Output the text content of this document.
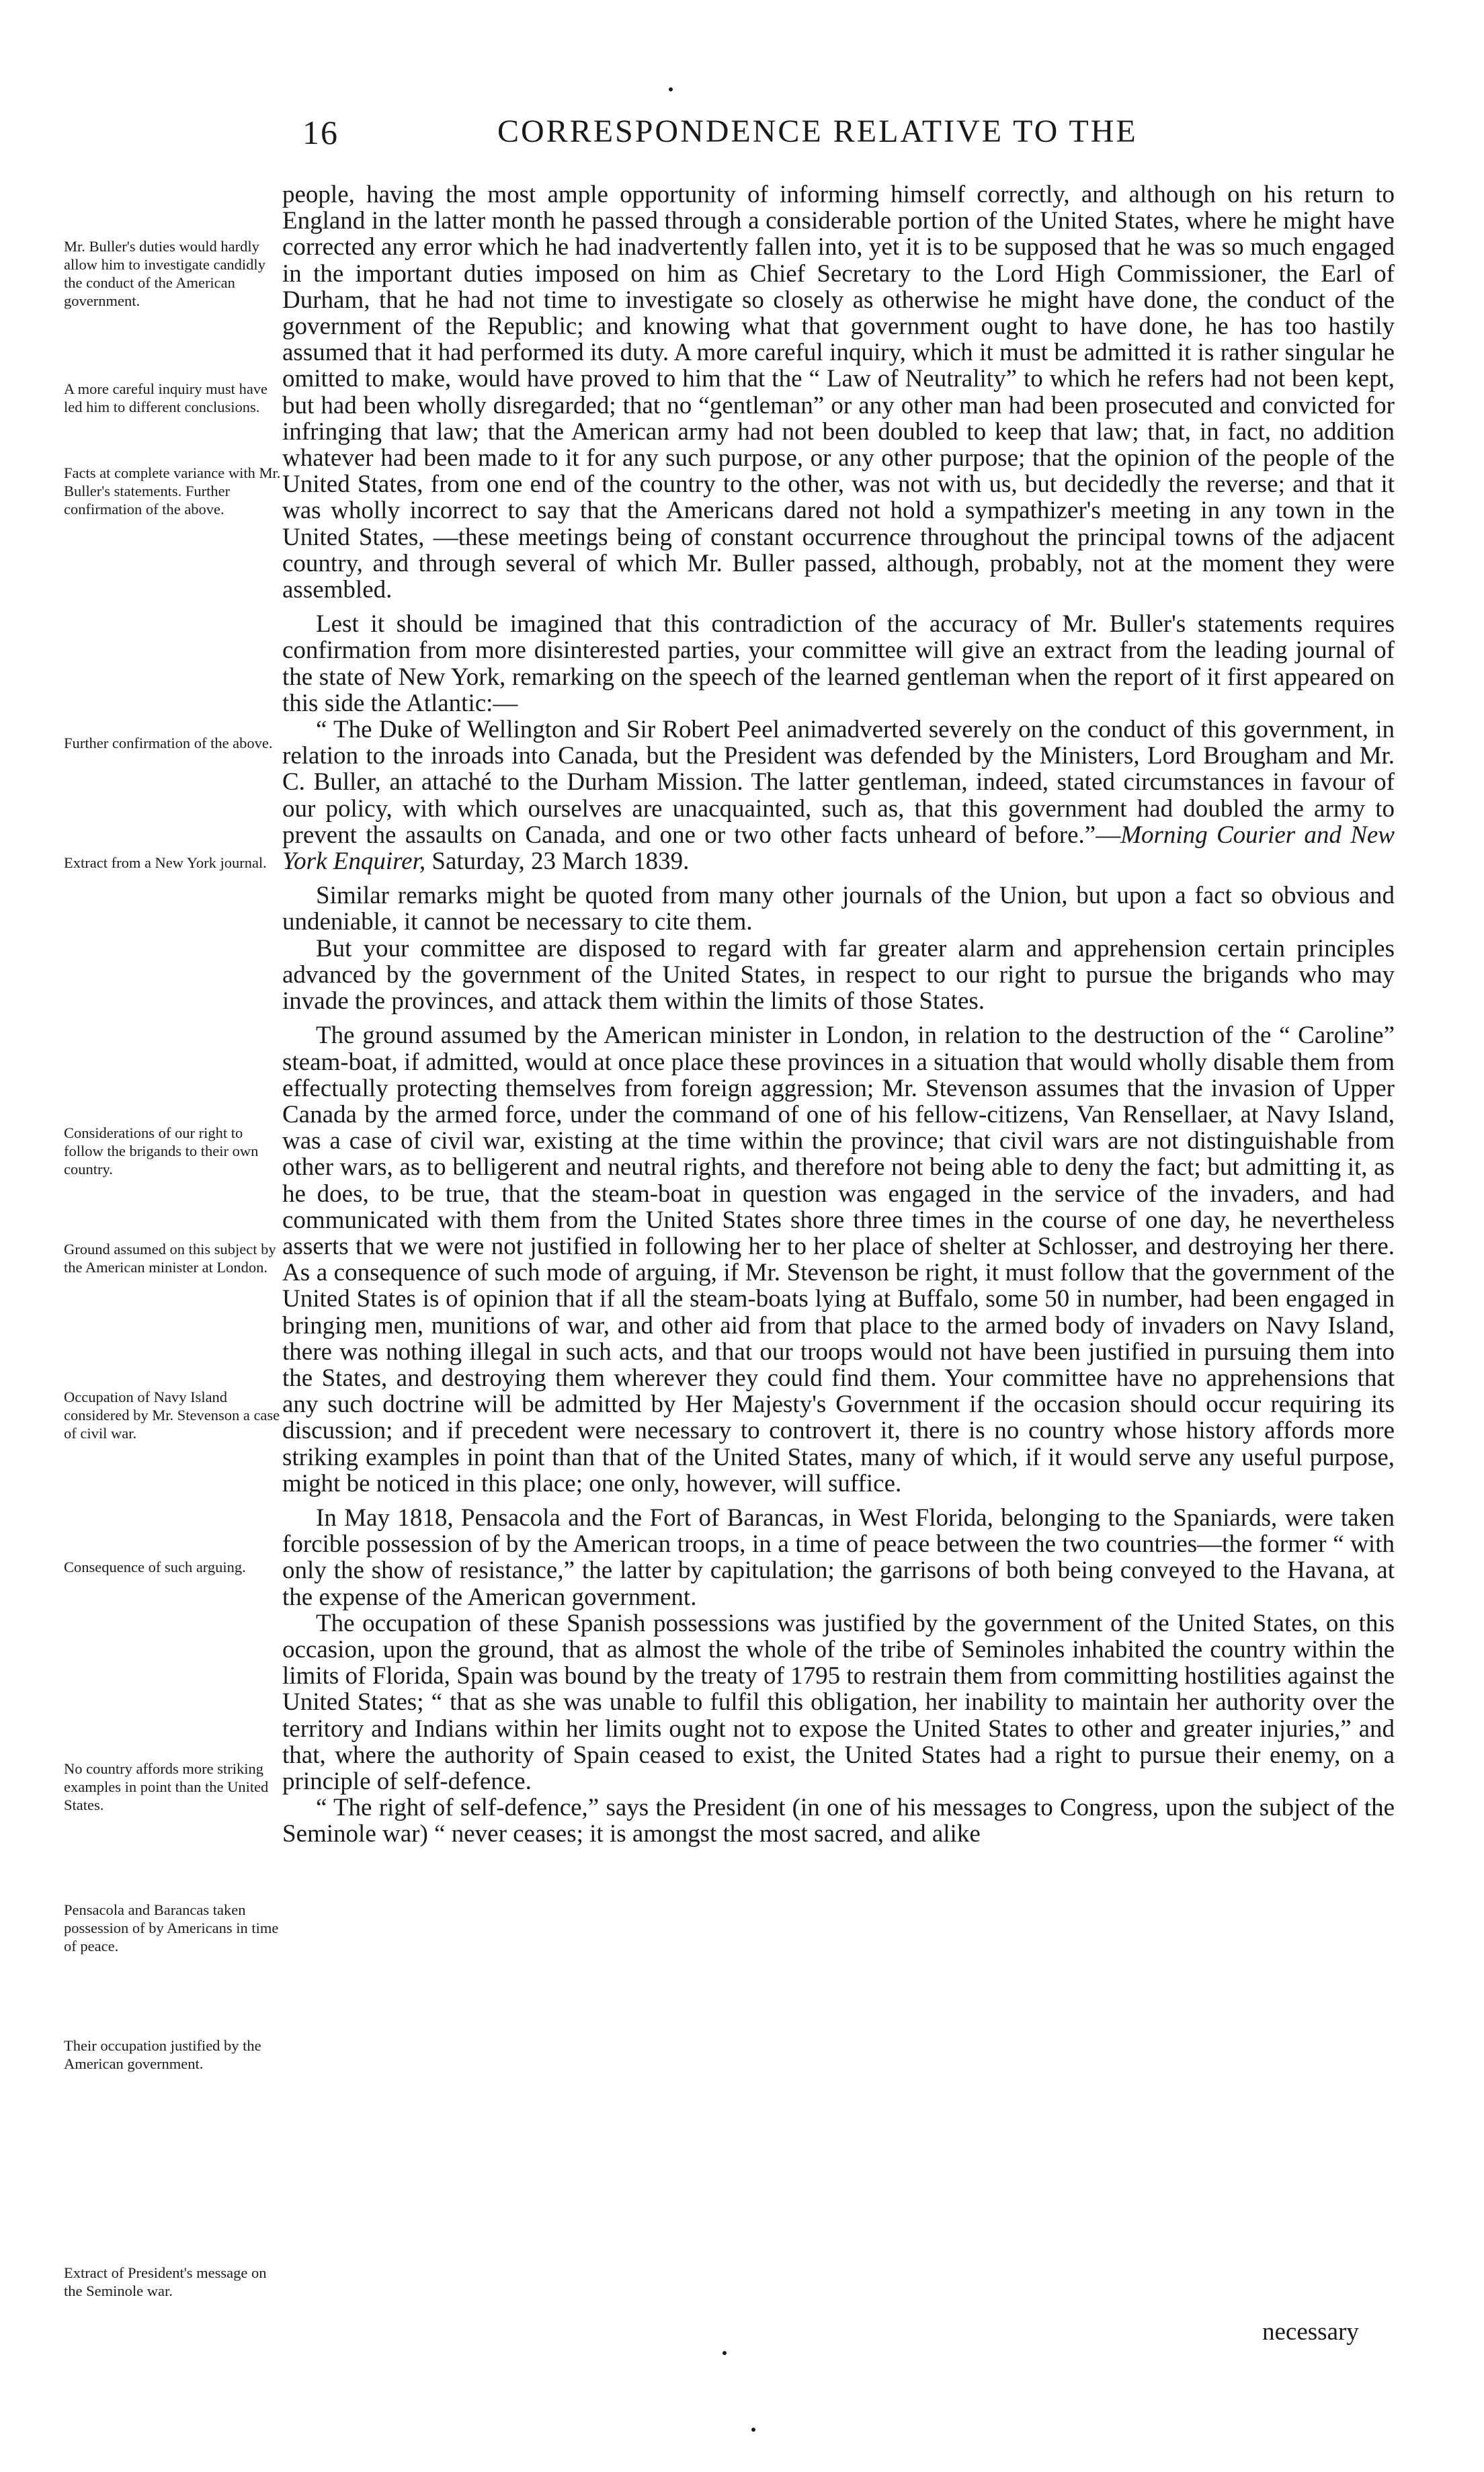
16	CORRESPONDENCE RELATIVE TO THE
Mr. Buller's duties would hardly allow him to investigate candidly the conduct of the American government.
A more careful inquiry must have led him to different conclusions.
Facts at complete variance with Mr. Buller's statements. Further confirmation of the above.
Further confirmation of the above.
Extract from a New York journal.
Considerations of our right to follow the brigands to their own country.
Ground assumed on this subject by the American minister at London.
Occupation of Navy Island considered by Mr. Stevenson a case of civil war.
Consequence of such arguing.
No country affords more striking examples in point than the United States.
Pensacola and Barancas taken possession of by Americans in time of peace.
Their occupation justified by the American government.
Extract of President's message on the Seminole war.

people, having the most ample opportunity of informing himself correctly, and although on his return to England in the latter month he passed through a considerable portion of the United States, where he might have corrected any error which he had inadvertently fallen into, yet it is to be supposed that he was so much engaged in the important duties imposed on him as Chief Secretary to the Lord High Commissioner, the Earl of Durham, that he had not time to investigate so closely as otherwise he might have done, the conduct of the government of the Republic; and knowing what that government ought to have done, he has too hastily assumed that it had performed its duty. A more careful inquiry, which it must be admitted it is rather singular he omitted to make, would have proved to him that the “ Law of Neutrality” to which he refers had not been kept, but had been wholly disregarded; that no “gentleman” or any other man had been prosecuted and convicted for infringing that law; that the American army had not been doubled to keep that law; that, in fact, no addition whatever had been made to it for any such purpose, or any other purpose; that the opinion of the people of the United States, from one end of the country to the other, was not with us, but decidedly the reverse; and that it was wholly incorrect to say that the Americans dared not hold a sympathizer's meeting in any town in the United States, —these meetings being of constant occurrence throughout the principal towns of the adjacent country, and through several of which Mr. Buller passed, although, probably, not at the moment they were assembled.

Lest it should be imagined that this contradiction of the accuracy of Mr. Buller's statements requires confirmation from more disinterested parties, your committee will give an extract from the leading journal of the state of New York, remarking on the speech of the learned gentleman when the report of it first appeared on this side the Atlantic:—

“ The Duke of Wellington and Sir Robert Peel animadverted severely on the conduct of this government, in relation to the inroads into Canada, but the President was defended by the Ministers, Lord Brougham and Mr. C. Buller, an attaché to the Durham Mission. The latter gentleman, indeed, stated circumstances in favour of our policy, with which ourselves are unacquainted, such as, that this government had doubled the army to prevent the assaults on Canada, and one or two other facts unheard of before.”—Morning Courier and New York Enquirer, Saturday, 23 March 1839.

Similar remarks might be quoted from many other journals of the Union, but upon a fact so obvious and undeniable, it cannot be necessary to cite them.

But your committee are disposed to regard with far greater alarm and apprehension certain principles advanced by the government of the United States, in respect to our right to pursue the brigands who may invade the provinces, and attack them within the limits of those States.

The ground assumed by the American minister in London, in relation to the destruction of the “ Caroline” steam-boat, if admitted, would at once place these provinces in a situation that would wholly disable them from effectually protecting themselves from foreign aggression; Mr. Stevenson assumes that the invasion of Upper Canada by the armed force, under the command of one of his fellow-citizens, Van Rensellaer, at Navy Island, was a case of civil war, existing at the time within the province; that civil wars are not distinguishable from other wars, as to belligerent and neutral rights, and therefore not being able to deny the fact; but admitting it, as he does, to be true, that the steam-boat in question was engaged in the service of the invaders, and had communicated with them from the United States shore three times in the course of one day, he nevertheless asserts that we were not justified in following her to her place of shelter at Schlosser, and destroying her there. As a consequence of such mode of arguing, if Mr. Stevenson be right, it must follow that the government of the United States is of opinion that if all the steam-boats lying at Buffalo, some 50 in number, had been engaged in bringing men, munitions of war, and other aid from that place to the armed body of invaders on Navy Island, there was nothing illegal in such acts, and that our troops would not have been justified in pursuing them into the States, and destroying them wherever they could find them. Your committee have no apprehensions that any such doctrine will be admitted by Her Majesty's Government if the occasion should occur requiring its discussion; and if precedent were necessary to controvert it, there is no country whose history affords more striking examples in point than that of the United States, many of which, if it would serve any useful purpose, might be noticed in this place; one only, however, will suffice.

In May 1818, Pensacola and the Fort of Barancas, in West Florida, belonging to the Spaniards, were taken forcible possession of by the American troops, in a time of peace between the two countries—the former “ with only the show of resistance,” the latter by capitulation; the garrisons of both being conveyed to the Havana, at the expense of the American government.

The occupation of these Spanish possessions was justified by the government of the United States, on this occasion, upon the ground, that as almost the whole of the tribe of Seminoles inhabited the country within the limits of Florida, Spain was bound by the treaty of 1795 to restrain them from committing hostilities against the United States; “ that as she was unable to fulfil this obligation, her inability to maintain her authority over the territory and Indians within her limits ought not to expose the United States to other and greater injuries,” and that, where the authority of Spain ceased to exist, the United States had a right to pursue their enemy, on a principle of self-defence.

“ The right of self-defence,” says the President (in one of his messages to Congress, upon the subject of the Seminole war) “ never ceases; it is amongst the most sacred, and alike

necessary
